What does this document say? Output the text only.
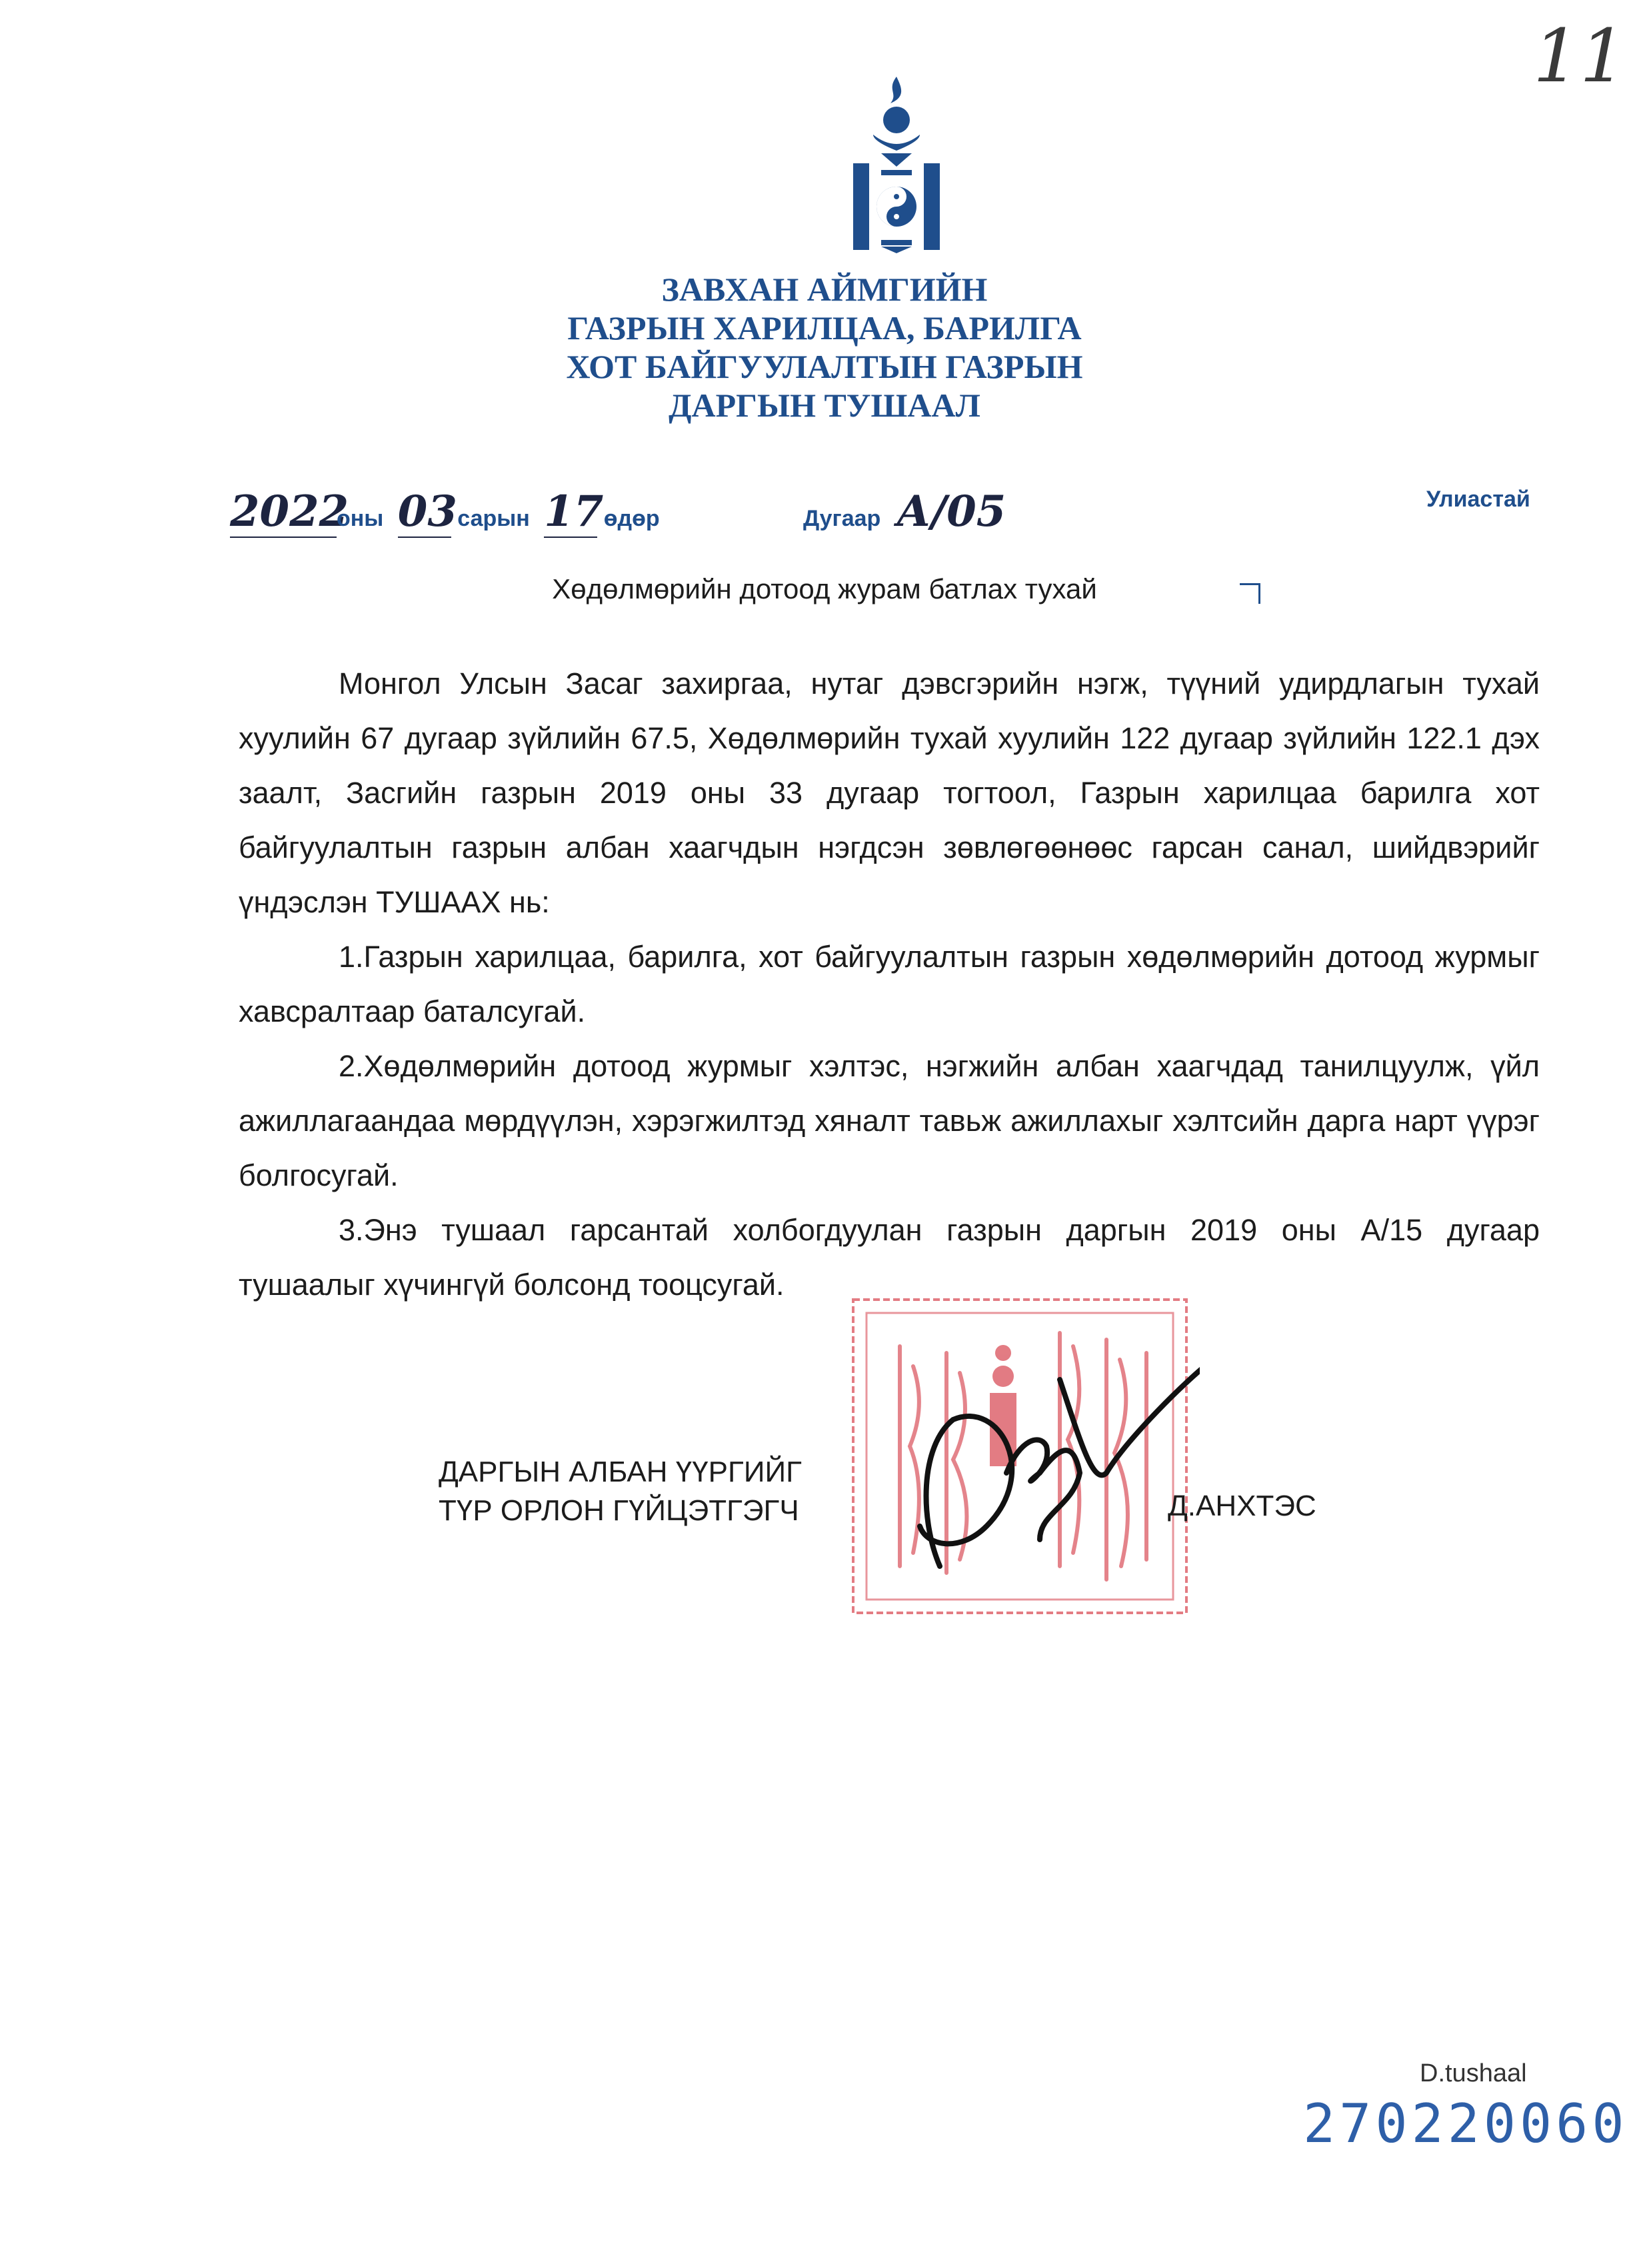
11
ЗАВХАН АЙМГИЙН
ГАЗРЫН ХАРИЛЦАА, БАРИЛГА
ХОТ БАЙГУУЛАЛТЫН ГАЗРЫН
ДАРГЫН ТУШААЛ
2022оны 03 сарын 17 өдөр	Дугаар А/05	Улиастай
Хөдөлмөрийн дотоод журам батлах тухай

Монгол Улсын Засаг захиргаа, нутаг дэвсгэрийн нэгж, түүний удирдлагын тухай хуулийн 67 дугаар зүйлийн 67.5, Хөдөлмөрийн тухай хуулийн 122 дугаар зүйлийн 122.1 дэх заалт, Засгийн газрын 2019 оны 33 дугаар тогтоол, Газрын харилцаа барилга хот байгуулалтын газрын албан хаагчдын нэгдсэн зөвлөгөөнөөс гарсан санал, шийдвэрийг үндэслэн ТУШААХ нь:

1.Газрын харилцаа, барилга, хот байгуулалтын газрын хөдөлмөрийн дотоод журмыг хавсралтаар баталсугай.

2.Хөдөлмөрийн дотоод журмыг хэлтэс, нэгжийн албан хаагчдад танилцуулж, үйл ажиллагаандаа мөрдүүлэн, хэрэгжилтэд хяналт тавьж ажиллахыг хэлтсийн дарга нарт үүрэг болгосугай.

3.Энэ тушаал гарсантай холбогдуулан газрын даргын 2019 оны А/15 дугаар тушаалыг хүчингүй болсонд тооцсугай.

ДАРГЫН АЛБАН ҮҮРГИЙГ
ТҮР ОРЛОН ГҮЙЦЭТГЭГЧ	Д.АНХТЭС
D.tushaal
270220060
